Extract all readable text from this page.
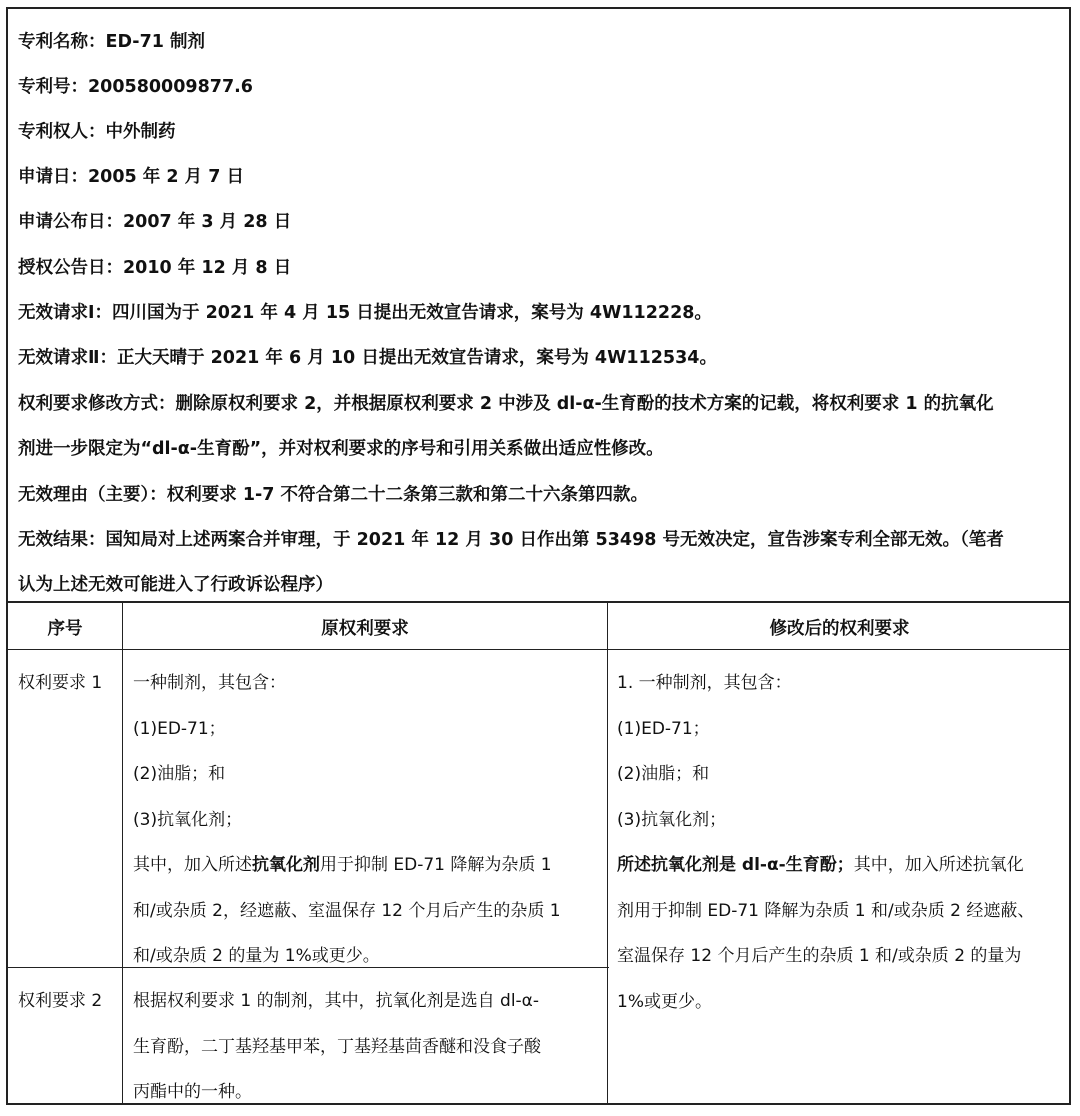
专利名称：ED-71 制剂
专利号：200580009877.6
专利权人：中外制药
申请日：2005 年 2 月 7 日
申请公布日：2007 年 3 月 28 日
授权公告日：2010 年 12 月 8 日
无效请求Ⅰ：四川国为于 2021 年 4 月 15 日提出无效宣告请求，案号为 4W112228。
无效请求Ⅱ：正大天晴于 2021 年 6 月 10 日提出无效宣告请求，案号为 4W112534。
权利要求修改方式：删除原权利要求 2，并根据原权利要求 2 中涉及 dl-α-生育酚的技术方案的记载，将权利要求 1 的抗氧化
剂进一步限定为“dl-α-生育酚”，并对权利要求的序号和引用关系做出适应性修改。
无效理由（主要）：权利要求 1-7 不符合第二十二条第三款和第二十六条第四款。
无效结果：国知局对上述两案合并审理，于 2021 年 12 月 30 日作出第 53498 号无效决定，宣告涉案专利全部无效。（笔者
认为上述无效可能进入了行政诉讼程序）
序号	原权利要求	修改后的权利要求
权利要求 1 一种制剂，其包含：

(1)ED-71；

(2)油脂；和

(3)抗氧化剂；

其中，加入所述抗氧化剂用于抑制 ED-71 降解为杂质 1

和/或杂质 2，经遮蔽、室温保存 12 个月后产生的杂质 1

和/或杂质 2 的量为 1%或更少。

权利要求 2 根据权利要求 1 的制剂，其中，抗氧化剂是选自 dl-α-

生育酚，二丁基羟基甲苯，丁基羟基茴香醚和没食子酸

丙酯中的一种。

1. 一种制剂，其包含：

(1)ED-71；

(2)油脂；和

(3)抗氧化剂；

所述抗氧化剂是 dl-α-生育酚；其中，加入所述抗氧化

剂用于抑制 ED-71 降解为杂质 1 和/或杂质 2 经遮蔽、

室温保存 12 个月后产生的杂质 1 和/或杂质 2 的量为

1%或更少。
